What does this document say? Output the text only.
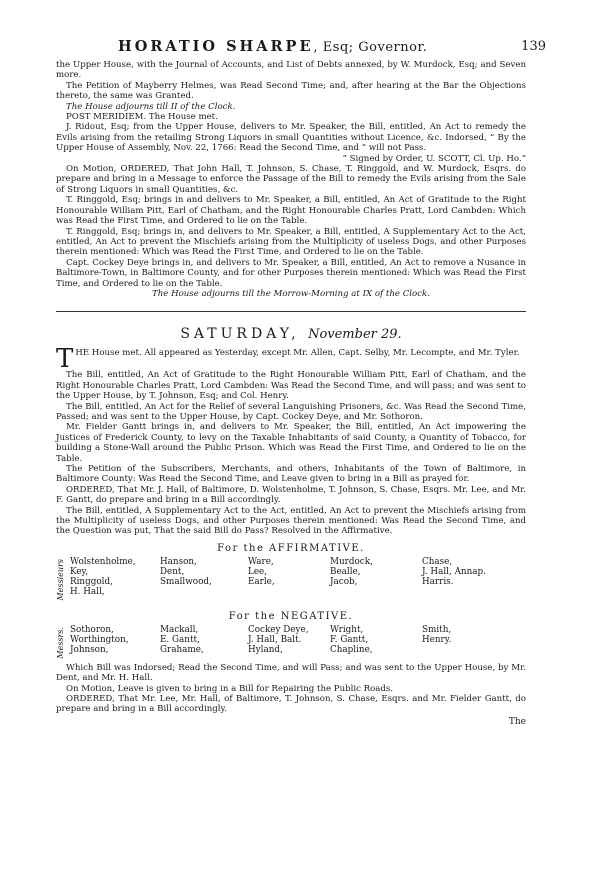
HORATIO SHARPE, Esq; Governor.	139

the Upper House, with the Journal of Accounts, and List of Debts annexed, by W. Murdock, Esq; and Seven more.

The Petition of Mayberry Helmes, was Read Second Time; and, after hearing at the Bar the Objections thereto, the same was Granted.

The House adjourns till II of the Clock.

POST MERIDIEM. The House met.

J. Ridout, Esq; from the Upper House, delivers to Mr. Speaker, the Bill, entitled, An Act to remedy the Evils arising from the retailing Strong Liquors in small Quantities without Licence, &c. Indorsed, “ By the Upper House of Assembly, Nov. 22, 1766: Read the Second Time, and “ will not Pass.

“ Signed by Order, U. SCOTT, Cl. Up. Ho.”

On Motion, ORDERED, That John Hall, T. Johnson, S. Chase, T. Ringgold, and W. Murdock, Esqrs. do prepare and bring in a Message to enforce the Passage of the Bill to remedy the Evils arising from the Sale of Strong Liquors in small Quantities, &c.

T. Ringgold, Esq; brings in and delivers to Mr. Speaker, a Bill, entitled, An Act of Gratitude to the Right Honourable William Pitt, Earl of Chatham, and the Right Honourable Charles Pratt, Lord Cambden: Which was Read the First Time, and Ordered to lie on the Table.

T. Ringgold, Esq; brings in, and delivers to Mr. Speaker, a Bill, entitled, A Supplementary Act to the Act, entitled, An Act to prevent the Mischiefs arising from the Multiplicity of useless Dogs, and other Purposes therein mentioned: Which was Read the First Time, and Ordered to lie on the Table.

Capt. Cockey Deye brings in, and delivers to Mr. Speaker, a Bill, entitled, An Act to remove a Nusance in Baltimore-Town, in Baltimore County, and for other Purposes therein mentioned: Which was Read the First Time, and Ordered to lie on the Table.

The House adjourns till the Morrow-Morning at IX of the Clock.

SATURDAY, November 29.

THE House met. All appeared as Yesterday, except Mr. Allen, Capt. Selby, Mr. Lecompte, and Mr. Tyler.

The Bill, entitled, An Act of Gratitude to the Right Honourable William Pitt, Earl of Chatham, and the Right Honourable Charles Pratt, Lord Cambden: Was Read the Second Time, and will pass; and was sent to the Upper House, by T. Johnson, Esq; and Col. Henry.

The Bill, entitled, An Act for the Relief of several Languishing Prisoners, &c. Was Read the Second Time, Passed; and was sent to the Upper House, by Capt. Cockey Deye, and Mr. Sothoron.

Mr. Fielder Gantt brings in, and delivers to Mr. Speaker, the Bill, entitled, An Act impowering the Justices of Frederick County, to levy on the Taxable Inhabitants of said County, a Quantity of Tobacco, for building a Stone-Wall around the Public Prison. Which was Read the First Time, and Ordered to lie on the Table.

The Petition of the Subscribers, Merchants, and others, Inhabitants of the Town of Baltimore, in Baltimore County: Was Read the Second Time, and Leave given to bring in a Bill as prayed for.

ORDERED, That Mr. J. Hall, of Baltimore, D. Wolstenholme, T. Johnson, S. Chase, Esqrs. Mr. Lee, and Mr. F. Gantt, do prepare and bring in a Bill accordingly.

The Bill, entitled, A Supplementary Act to the Act, entitled, An Act to prevent the Mischiefs arising from the Multiplicity of useless Dogs, and other Purposes therein mentioned: Was Read the Second Time, and the Question was put, That the said Bill do Pass? Resolved in the Affirmative.

For the AFFIRMATIVE.
Messieurs Wolstenholme,
Key,
Ringgold,
H. Hall,
Hanson,
Dent,
Smallwood,
Ware,
Lee,
Earle,
Murdock,
Bealle,
Jacob,
Chase,
J. Hall, Annap.
Harris.
For the NEGATIVE.
Messrs. Sothoron,
Worthington,
Johnson,
Mackall,
E. Gantt,
Grahame,
Cockey Deye,
J. Hall, Balt.
Hyland,
Wright,
F. Gantt,
Chapline,
Smith,
Henry.

Which Bill was Indorsed; Read the Second Time, and will Pass; and was sent to the Upper House, by Mr. Dent, and Mr. H. Hall.

On Motion, Leave is given to bring in a Bill for Repairing the Public Roads.

ORDERED, That Mr. Lee, Mr. Hall, of Baltimore, T. Johnson, S. Chase, Esqrs. and Mr. Fielder Gantt, do prepare and bring in a Bill accordingly.

The
